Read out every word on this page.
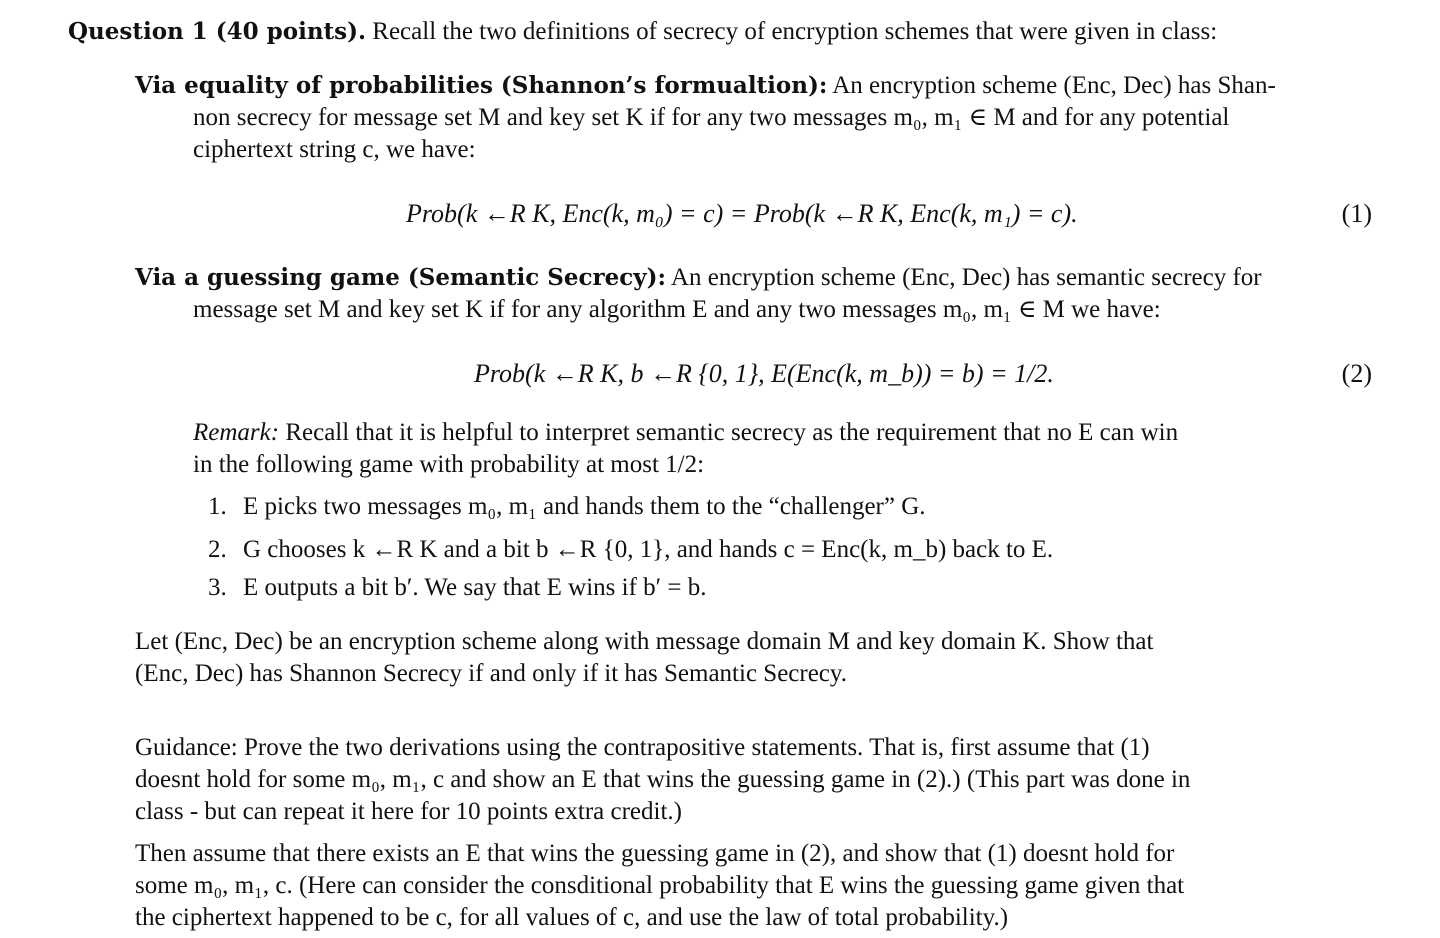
Question 1 (40 points). Recall the two definitions of secrecy of encryption schemes that were given in class:
Via equality of probabilities (Shannon’s formualtion): An encryption scheme (Enc, Dec) has Shan-
non secrecy for message set M and key set K if for any two messages m₀, m₁ ∈ M and for any potential
ciphertext string c, we have:
Prob(k ←R K, Enc(k, m₀) = c) = Prob(k ←R K, Enc(k, m₁) = c).	(1)
Via a guessing game (Semantic Secrecy): An encryption scheme (Enc, Dec) has semantic secrecy for
message set M and key set K if for any algorithm E and any two messages m₀, m₁ ∈ M we have:
Prob(k ←R K, b ←R {0, 1}, E(Enc(k, m_b)) = b) = 1/2.	(2)
Remark: Recall that it is helpful to interpret semantic secrecy as the requirement that no E can win
in the following game with probability at most 1/2:
1. E picks two messages m₀, m₁ and hands them to the “challenger” G.
2. G chooses k ←R K and a bit b ←R {0, 1}, and hands c = Enc(k, m_b) back to E.
3. E outputs a bit b′. We say that E wins if b′ = b.
Let (Enc, Dec) be an encryption scheme along with message domain M and key domain K. Show that
(Enc, Dec) has Shannon Secrecy if and only if it has Semantic Secrecy.
Guidance: Prove the two derivations using the contrapositive statements. That is, first assume that (1)
doesnt hold for some m₀, m₁, c and show an E that wins the guessing game in (2).) (This part was done in
class - but can repeat it here for 10 points extra credit.)
Then assume that there exists an E that wins the guessing game in (2), and show that (1) doesnt hold for
some m₀, m₁, c. (Here can consider the consditional probability that E wins the guessing game given that
the ciphertext happened to be c, for all values of c, and use the law of total probability.)
